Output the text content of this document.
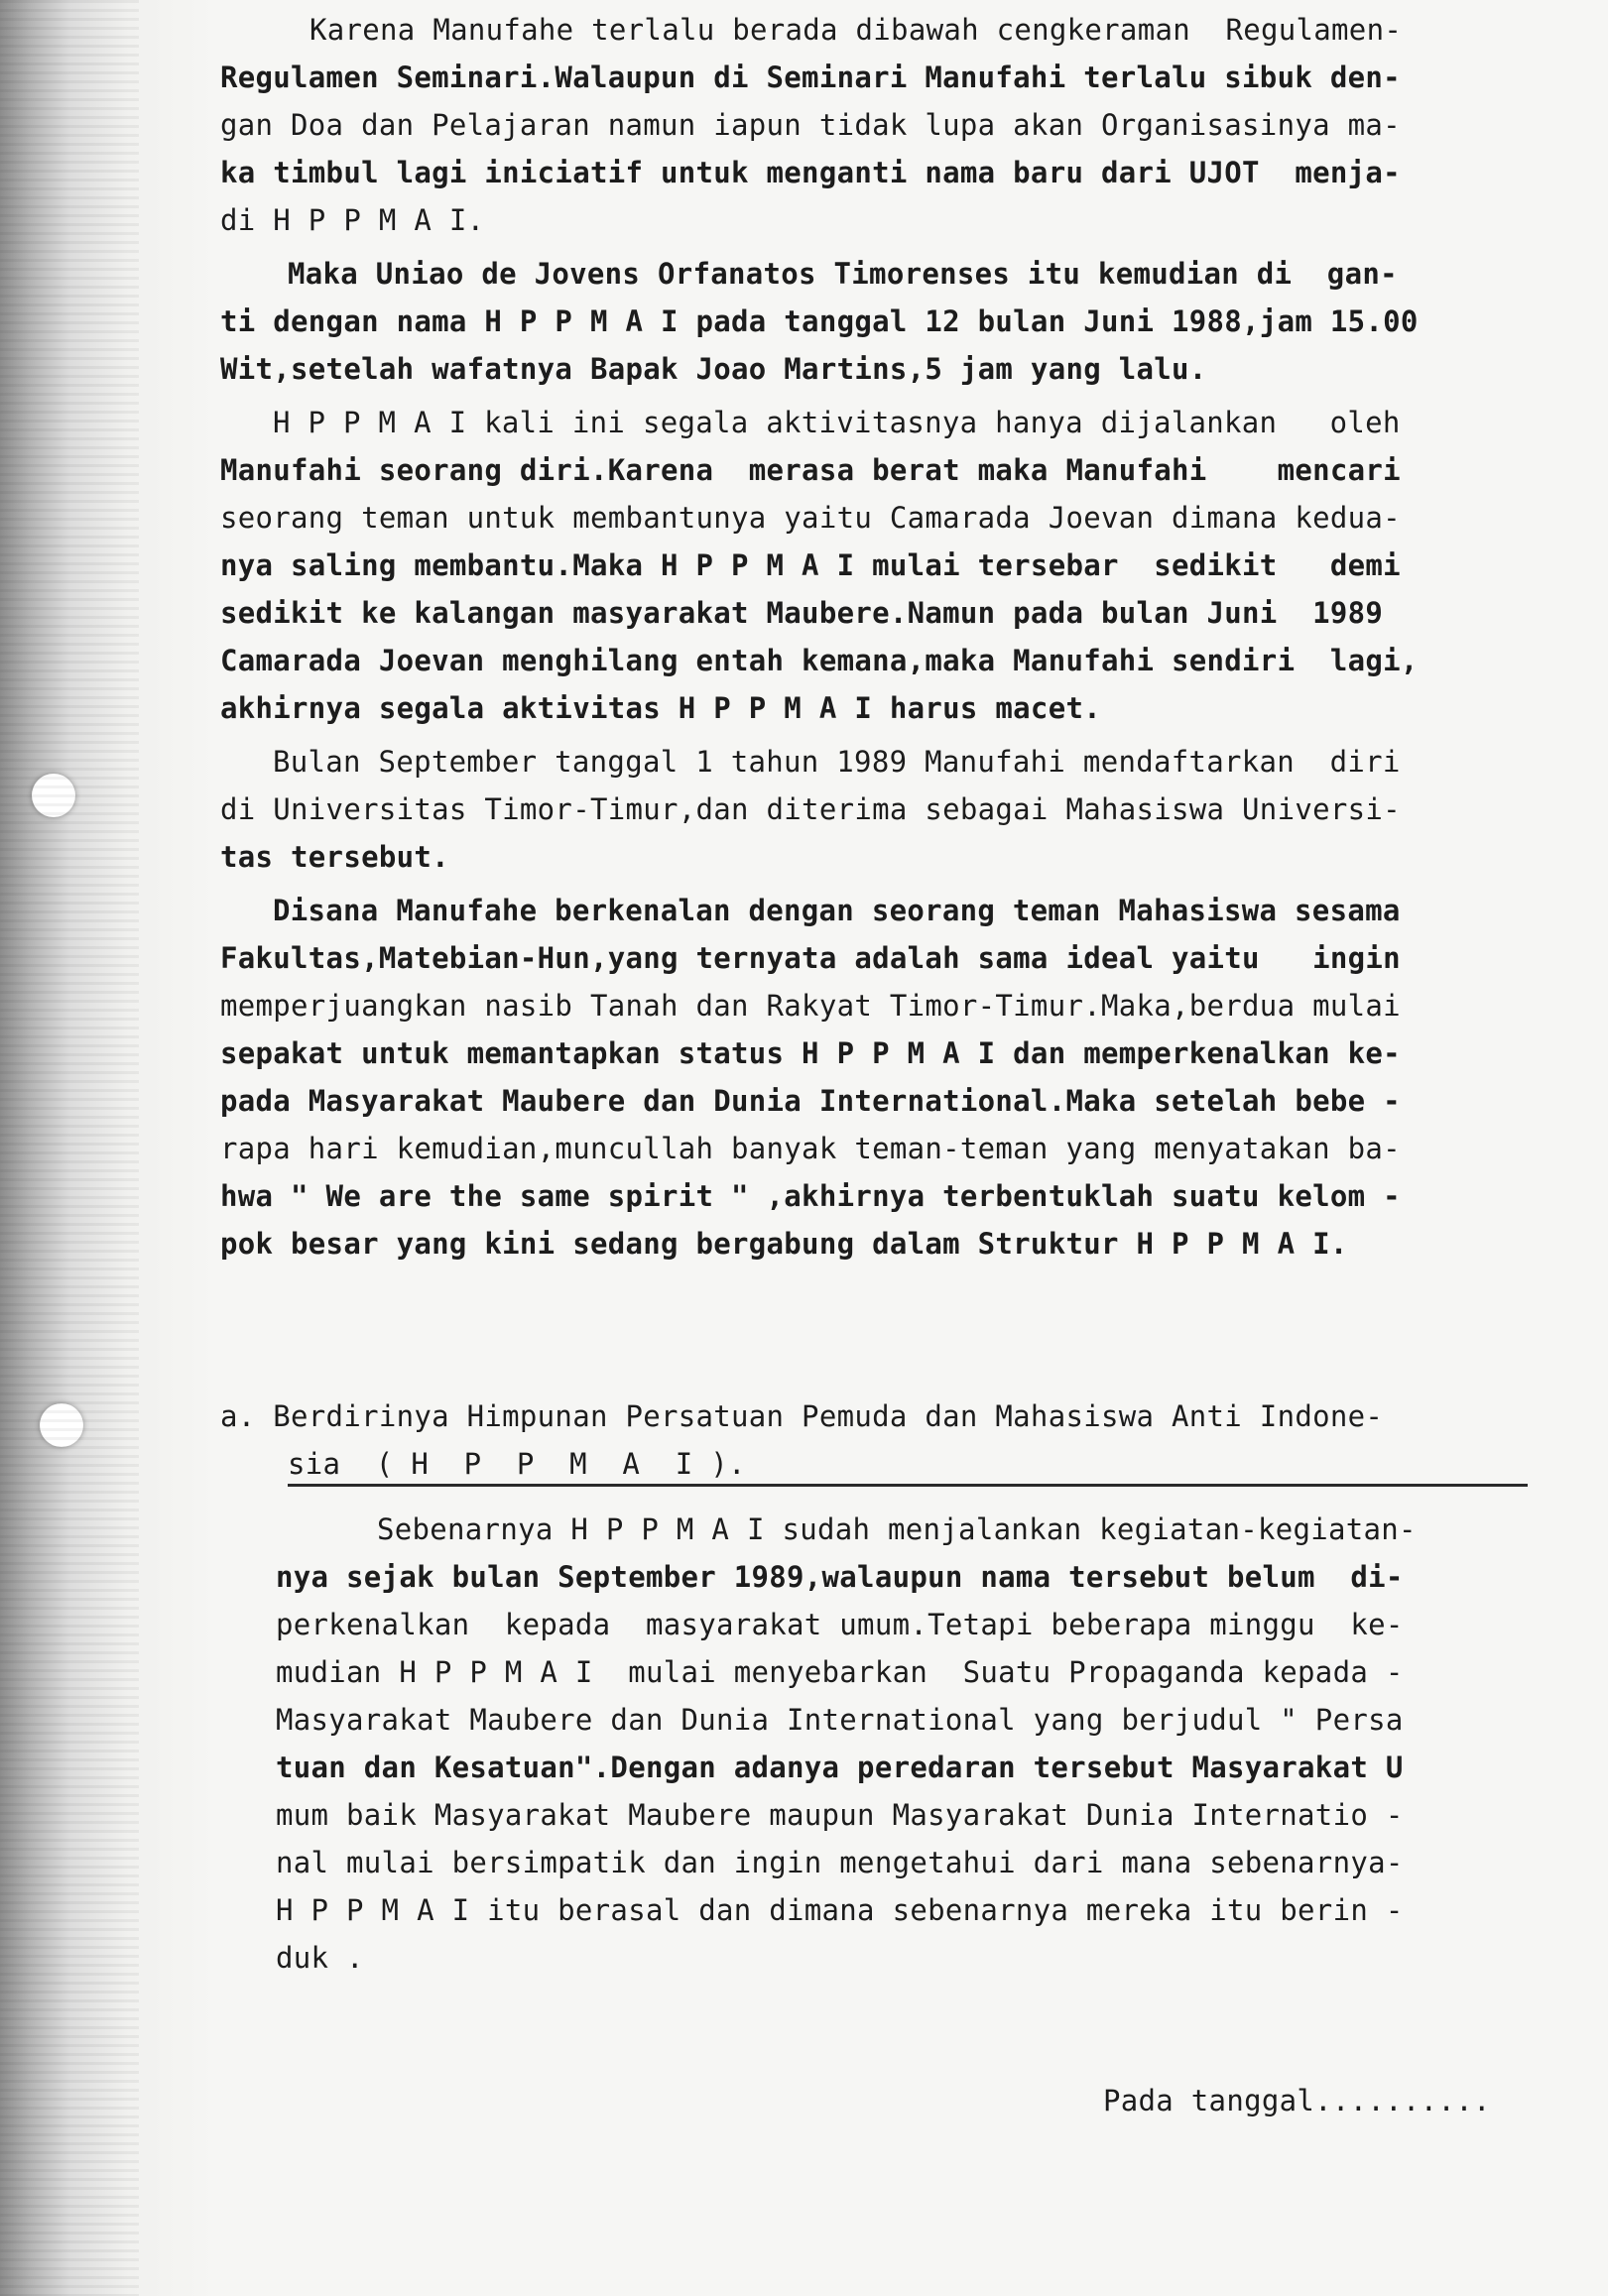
Karena Manufahe terlalu berada dibawah cengkeraman  Regulamen-
Regulamen Seminari.Walaupun di Seminari Manufahi terlalu sibuk den-
gan Doa dan Pelajaran namun iapun tidak lupa akan Organisasinya ma-
ka timbul lagi iniciatif untuk menganti nama baru dari UJOT  menja-
di H P P M A I.
Maka Uniao de Jovens Orfanatos Timorenses itu kemudian di  gan-
ti dengan nama H P P M A I pada tanggal 12 bulan Juni 1988,jam 15.00
Wit,setelah wafatnya Bapak Joao Martins,5 jam yang lalu.
H P P M A I kali ini segala aktivitasnya hanya dijalankan   oleh
Manufahi seorang diri.Karena  merasa berat maka Manufahi    mencari
seorang teman untuk membantunya yaitu Camarada Joevan dimana kedua-
nya saling membantu.Maka H P P M A I mulai tersebar  sedikit   demi
sedikit ke kalangan masyarakat Maubere.Namun pada bulan Juni  1989
Camarada Joevan menghilang entah kemana,maka Manufahi sendiri  lagi,
akhirnya segala aktivitas H P P M A I harus macet.
Bulan September tanggal 1 tahun 1989 Manufahi mendaftarkan  diri
di Universitas Timor-Timur,dan diterima sebagai Mahasiswa Universi-
tas tersebut.
Disana Manufahe berkenalan dengan seorang teman Mahasiswa sesama
Fakultas,Matebian-Hun,yang ternyata adalah sama ideal yaitu   ingin
memperjuangkan nasib Tanah dan Rakyat Timor-Timur.Maka,berdua mulai
sepakat untuk memantapkan status H P P M A I dan memperkenalkan ke-
pada Masyarakat Maubere dan Dunia International.Maka setelah bebe -
rapa hari kemudian,muncullah banyak teman-teman yang menyatakan ba-
hwa " We are the same spirit " ,akhirnya terbentuklah suatu kelom -
pok besar yang kini sedang bergabung dalam Struktur H P P M A I.
a. Berdirinya Himpunan Persatuan Pemuda dan Mahasiswa Anti Indone-
sia  ( H  P  P  M  A  I ).
Sebenarnya H P P M A I sudah menjalankan kegiatan-kegiatan-
nya sejak bulan September 1989,walaupun nama tersebut belum  di-
perkenalkan  kepada  masyarakat umum.Tetapi beberapa minggu  ke-
mudian H P P M A I  mulai menyebarkan  Suatu Propaganda kepada -
Masyarakat Maubere dan Dunia International yang berjudul " Persa
tuan dan Kesatuan".Dengan adanya peredaran tersebut Masyarakat U
mum baik Masyarakat Maubere maupun Masyarakat Dunia Internatio -
nal mulai bersimpatik dan ingin mengetahui dari mana sebenarnya-
H P P M A I itu berasal dan dimana sebenarnya mereka itu berin -
duk .
Pada tanggal..........
